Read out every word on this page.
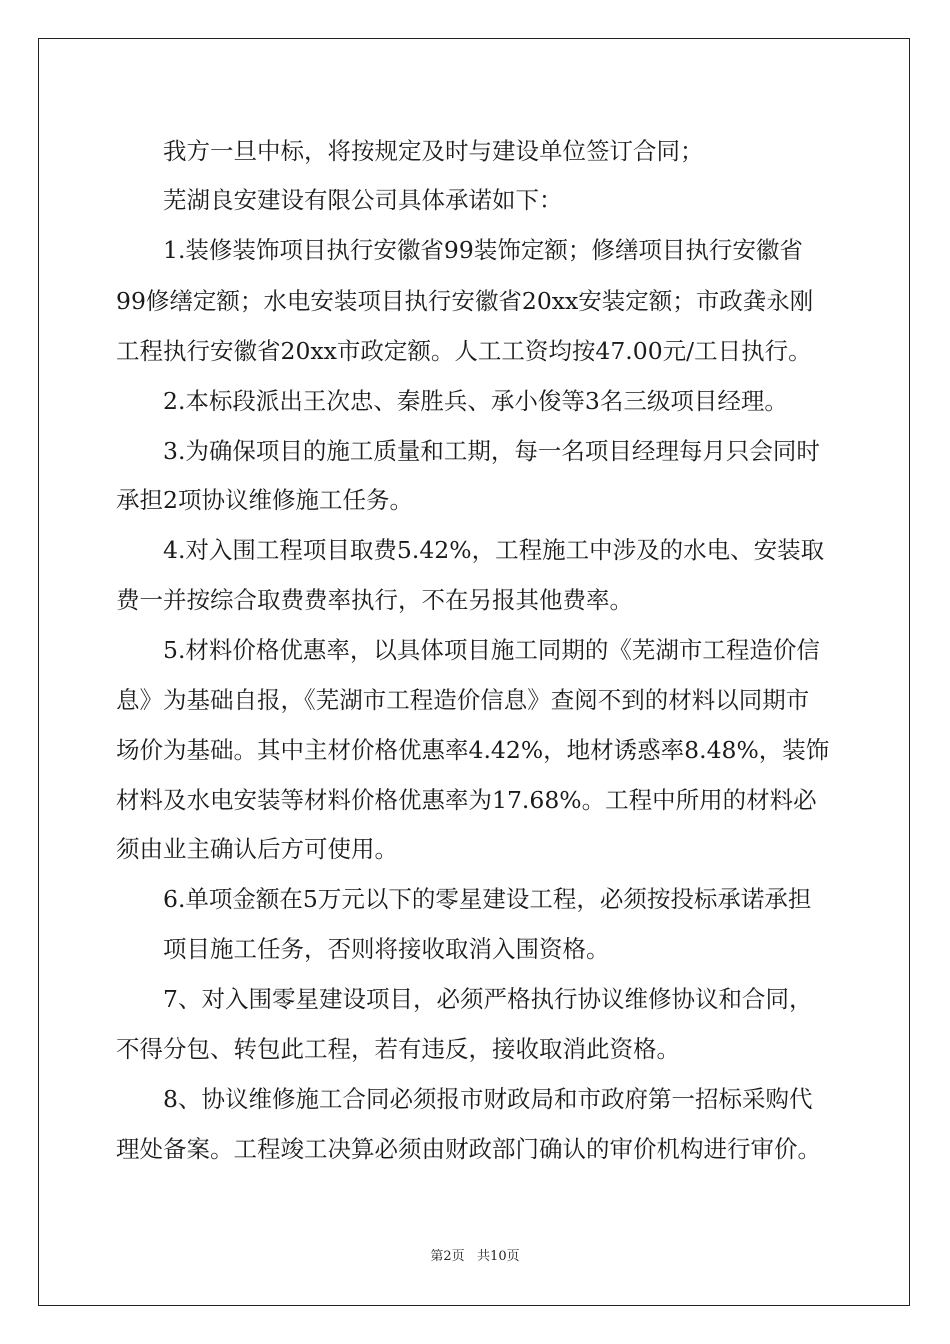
我方一旦中标，将按规定及时与建设单位签订合同；

芜湖良安建设有限公司具体承诺如下：

1.装修装饰项目执行安徽省99装饰定额；修缮项目执行安徽省

99修缮定额；水电安装项目执行安徽省20xx安装定额；市政龚永刚

工程执行安徽省20xx市政定额。人工工资均按47.00元/工日执行。

2.本标段派出王次忠、秦胜兵、承小俊等3名三级项目经理。

3.为确保项目的施工质量和工期，每一名项目经理每月只会同时

承担2项协议维修施工任务。

4.对入围工程项目取费5.42%，工程施工中涉及的水电、安装取

费一并按综合取费费率执行，不在另报其他费率。

5.材料价格优惠率，以具体项目施工同期的《芜湖市工程造价信

息》为基础自报，《芜湖市工程造价信息》查阅不到的材料以同期市

场价为基础。其中主材价格优惠率4.42%，地材诱惑率8.48%，装饰

材料及水电安装等材料价格优惠率为17.68%。工程中所用的材料必

须由业主确认后方可使用。

6.单项金额在5万元以下的零星建设工程，必须按投标承诺承担

项目施工任务，否则将接收取消入围资格。

7、对入围零星建设项目，必须严格执行协议维修协议和合同，

不得分包、转包此工程，若有违反，接收取消此资格。

8、协议维修施工合同必须报市财政局和市政府第一招标采购代

理处备案。工程竣工决算必须由财政部门确认的审价机构进行审价。

第2页   共10页
